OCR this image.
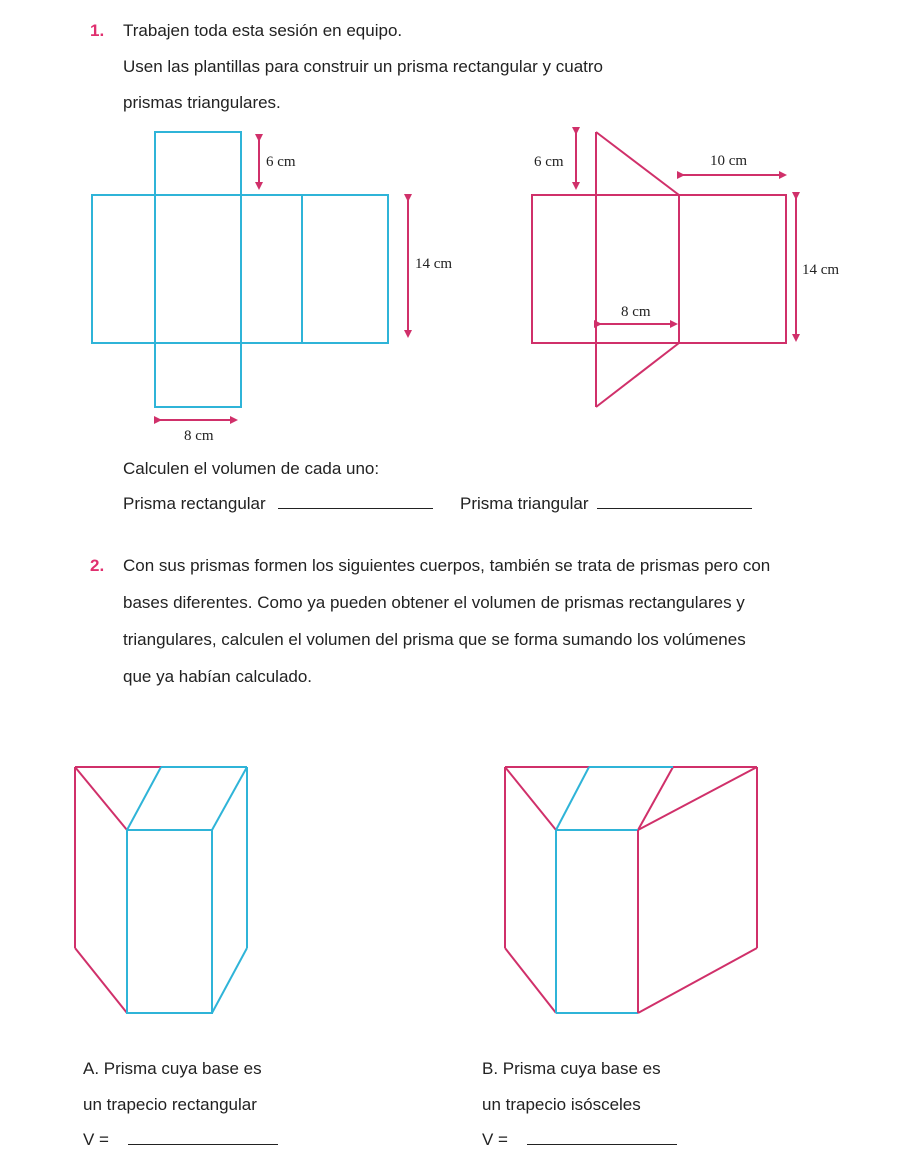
1. Trabajen toda esta sesión en equipo.
Usen las plantillas para construir un prisma rectangular y cuatro
prismas triangulares.
6 cm
14 cm
8 cm
6 cm	10 cm
14 cm
8 cm
Calculen el volumen de cada uno:
Prisma rectangular	Prisma triangular
2. Con sus prismas formen los siguientes cuerpos, también se trata de prismas pero con
bases diferentes. Como ya pueden obtener el volumen de prismas rectangulares y
triangulares, calculen el volumen del prisma que se forma sumando los volúmenes
que ya habían calculado.
A. Prisma cuya base es
un trapecio rectangular
V =
B. Prisma cuya base es
un trapecio isósceles
V =
